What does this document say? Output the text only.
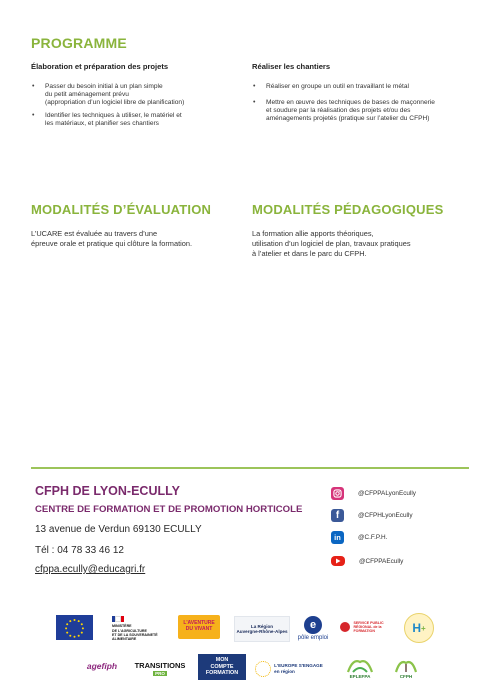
PROGRAMME
Élaboration et préparation des projets
• Passer du besoin initial à un plan simple
du petit aménagement prévu
(appropriation d’un logiciel libre de planification)
• Identifier les techniques à utiliser, le matériel et
les matériaux, et planifier ses chantiers
Réaliser les chantiers
• Réaliser en groupe un outil en travaillant le métal
• Mettre en œuvre des techniques de bases de maçonnerie
et soudure par la réalisation des projets et/ou des
aménagements projetés (pratique sur l’atelier du CFPH)
MODALITÉS D’ÉVALUATION
L’UCARE est évaluée au travers d’une
épreuve orale et pratique qui clôture la formation.
MODALITÉS PÉDAGOGIQUES
La formation allie apports théoriques,
utilisation d’un logiciel de plan, travaux pratiques
à l’atelier et dans le parc du CFPH.
CFPH DE LYON-ECULLY
CENTRE DE FORMATION ET DE PROMOTION HORTICOLE
13 avenue de Verdun 69130 ECULLY
Tél : 04 78 33 46 12
cfppa.ecully@educagri.fr
@CFPPALyonEcully
f	@CFPHLyonEcully
in	@C.F.P.H.
@CFPPAEcully
MINISTÈRE
DE L'AGRICULTURE
ET DE LA SOUVERAINETÉ
ALIMENTAIRE
L'AVENTURE
DU VIVANT	La Région
Auvergne-Rhône-Alpes
e
pôle emploi
SERVICE PUBLIC
RÉGIONAL de la
FORMATION	H +
agefiph TRANSITIONS
PRO
MON
COMPTE
FORMATION
L'EUROPE S'ENGAGE
en région
EPLEFPA	CFPH
